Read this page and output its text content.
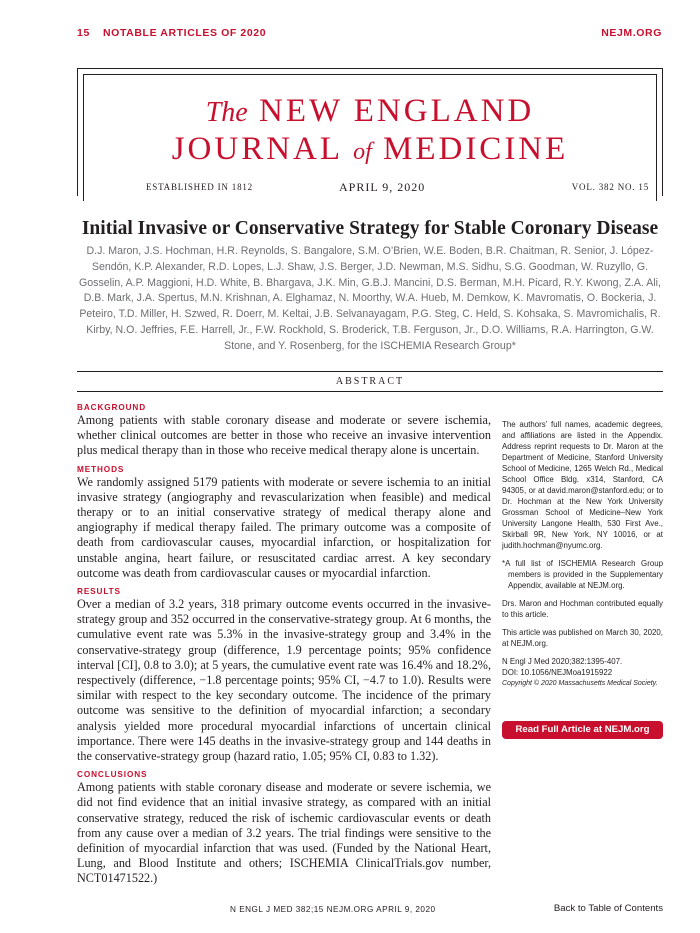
15 NOTABLE ARTICLES OF 2020	NEJM.ORG
The NEW ENGLAND
JOURNAL of MEDICINE
ESTABLISHED IN 1812	APRIL 9, 2020	VOL. 382 NO. 15
Initial Invasive or Conservative Strategy for Stable Coronary Disease
D.J. Maron, J.S. Hochman, H.R. Reynolds, S. Bangalore, S.M. O’Brien, W.E. Boden, B.R. Chaitman, R. Senior, J. López-Sendón, K.P. Alexander, R.D. Lopes, L.J. Shaw, J.S. Berger, J.D. Newman, M.S. Sidhu, S.G. Goodman, W. Ruzyllo, G. Gosselin, A.P. Maggioni, H.D. White, B. Bhargava, J.K. Min, G.B.J. Mancini, D.S. Berman, M.H. Picard, R.Y. Kwong, Z.A. Ali, D.B. Mark, J.A. Spertus, M.N. Krishnan, A. Elghamaz, N. Moorthy, W.A. Hueb, M. Demkow, K. Mavromatis, O. Bockeria, J. Peteiro, T.D. Miller, H. Szwed, R. Doerr, M. Keltai, J.B. Selvanayagam, P.G. Steg, C. Held, S. Kohsaka, S. Mavromichalis, R. Kirby, N.O. Jeffries, F.E. Harrell, Jr., F.W. Rockhold, S. Broderick, T.B. Ferguson, Jr., D.O. Williams, R.A. Harrington, G.W. Stone, and Y. Rosenberg, for the ISCHEMIA Research Group*
ABSTRACT
BACKGROUND

Among patients with stable coronary disease and moderate or severe ischemia, whether clinical outcomes are better in those who receive an invasive intervention plus medical therapy than in those who receive medical therapy alone is uncertain.

METHODS

We randomly assigned 5179 patients with moderate or severe ischemia to an initial invasive strategy (angiography and revascularization when feasible) and medical therapy or to an initial conservative strategy of medical therapy alone and angiography if medical therapy failed. The primary outcome was a composite of death from cardiovascular causes, myocardial infarction, or hospitalization for unstable angina, heart failure, or resuscitated cardiac arrest. A key secondary outcome was death from cardiovascular causes or myocardial infarction.

RESULTS

Over a median of 3.2 years, 318 primary outcome events occurred in the invasive-strategy group and 352 occurred in the conservative-strategy group. At 6 months, the cumulative event rate was 5.3% in the invasive-strategy group and 3.4% in the conservative-strategy group (difference, 1.9 percentage points; 95% confidence interval [CI], 0.8 to 3.0); at 5 years, the cumulative event rate was 16.4% and 18.2%, respectively (difference, −1.8 percentage points; 95% CI, −4.7 to 1.0). Results were similar with respect to the key secondary outcome. The incidence of the primary outcome was sensitive to the definition of myocardial infarction; a secondary analysis yielded more procedural myocardial infarctions of uncertain clinical importance. There were 145 deaths in the invasive-strategy group and 144 deaths in the conservative-strategy group (hazard ratio, 1.05; 95% CI, 0.83 to 1.32).

CONCLUSIONS

Among patients with stable coronary disease and moderate or severe ischemia, we did not find evidence that an initial invasive strategy, as compared with an initial conservative strategy, reduced the risk of ischemic cardiovascular events or death from any cause over a median of 3.2 years. The trial findings were sensitive to the definition of myocardial infarction that was used. (Funded by the National Heart, Lung, and Blood Institute and others; ISCHEMIA ClinicalTrials.gov number, NCT01471522.)

The authors’ full names, academic degrees, and affiliations are listed in the Appendix. Address reprint requests to Dr. Maron at the Department of Medicine, Stanford University School of Medicine, 1265 Welch Rd., Medical School Office Bldg. x314, Stanford, CA 94305, or at david.maron@stanford.edu; or to Dr. Hochman at the New York University Grossman School of Medicine–New York University Langone Health, 530 First Ave., Skirball 9R, New York, NY 10016, or at judith.hochman@nyumc.org.

*A full list of ISCHEMIA Research Group members is provided in the Supplementary Appendix, available at NEJM.org.

Drs. Maron and Hochman contributed equally to this article.

This article was published on March 30, 2020, at NEJM.org.

N Engl J Med 2020;382:1395-407.

DOI: 10.1056/NEJMoa1915922

Copyright © 2020 Massachusetts Medical Society.

Read Full Article at NEJM.org
N ENGL J MED 382;15 NEJM.ORG APRIL 9, 2020	Back to Table of Contents
